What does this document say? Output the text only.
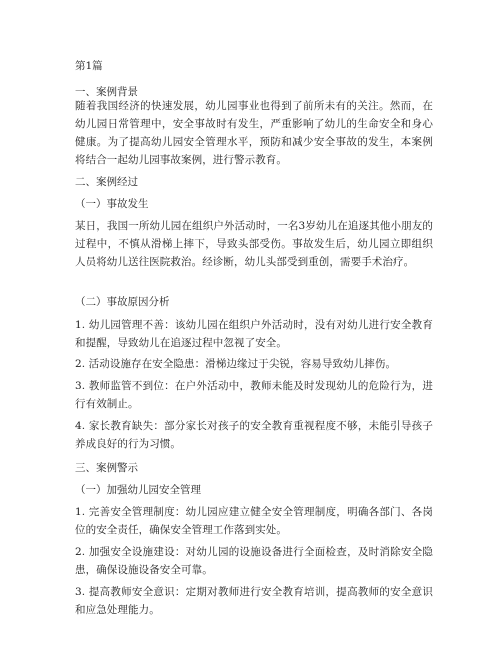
第1篇

一、案例背景

随着我国经济的快速发展，幼儿园事业也得到了前所未有的关注。然而，在幼儿园日常管理中，安全事故时有发生，严重影响了幼儿的生命安全和身心健康。为了提高幼儿园安全管理水平，预防和减少安全事故的发生，本案例将结合一起幼儿园事故案例，进行警示教育。

二、案例经过

（一）事故发生

某日，我国一所幼儿园在组织户外活动时，一名3岁幼儿在追逐其他小朋友的过程中，不慎从滑梯上摔下，导致头部受伤。事故发生后，幼儿园立即组织人员将幼儿送往医院救治。经诊断，幼儿头部受到重创，需要手术治疗。

（二）事故原因分析

1. 幼儿园管理不善：该幼儿园在组织户外活动时，没有对幼儿进行安全教育和提醒，导致幼儿在追逐过程中忽视了安全。

2. 活动设施存在安全隐患：滑梯边缘过于尖锐，容易导致幼儿摔伤。

3. 教师监管不到位：在户外活动中，教师未能及时发现幼儿的危险行为，进行有效制止。

4. 家长教育缺失：部分家长对孩子的安全教育重视程度不够，未能引导孩子养成良好的行为习惯。

三、案例警示

（一）加强幼儿园安全管理

1. 完善安全管理制度：幼儿园应建立健全安全管理制度，明确各部门、各岗位的安全责任，确保安全管理工作落到实处。

2. 加强安全设施建设：对幼儿园的设施设备进行全面检查，及时消除安全隐患，确保设施设备安全可靠。

3. 提高教师安全意识：定期对教师进行安全教育培训，提高教师的安全意识和应急处理能力。
